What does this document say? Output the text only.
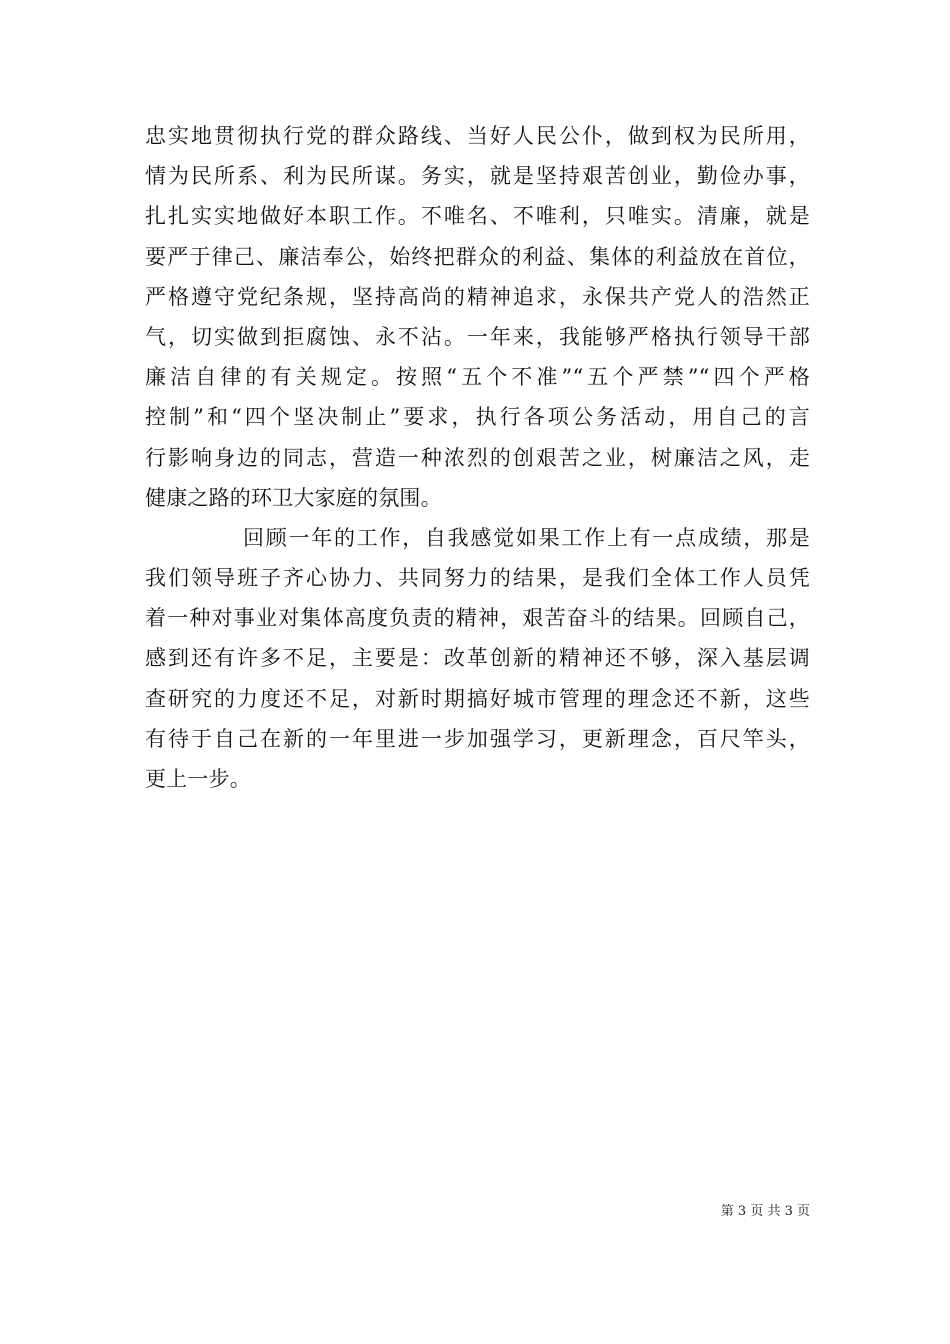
忠实地贯彻执行党的群众路线、当好人民公仆，做到权为民所用，
情为民所系、利为民所谋。务实，就是坚持艰苦创业，勤俭办事，
扎扎实实地做好本职工作。不唯名、不唯利，只唯实。清廉，就是
要严于律己、廉洁奉公，始终把群众的利益、集体的利益放在首位，
严格遵守党纪条规，坚持高尚的精神追求，永保共产党人的浩然正
气，切实做到拒腐蚀、永不沾。一年来，我能够严格执行领导干部
廉洁自律的有关规定。按照“五个不准”“五个严禁”“四个严格
控制”和“四个坚决制止”要求，执行各项公务活动，用自己的言
行影响身边的同志，营造一种浓烈的创艰苦之业，树廉洁之风，走
健康之路的环卫大家庭的氛围。
回顾一年的工作，自我感觉如果工作上有一点成绩，那是
我们领导班子齐心协力、共同努力的结果，是我们全体工作人员凭
着一种对事业对集体高度负责的精神，艰苦奋斗的结果。回顾自己，
感到还有许多不足，主要是：改革创新的精神还不够，深入基层调
查研究的力度还不足，对新时期搞好城市管理的理念还不新，这些
有待于自己在新的一年里进一步加强学习，更新理念，百尺竿头，
更上一步。
第 3 页 共 3 页
